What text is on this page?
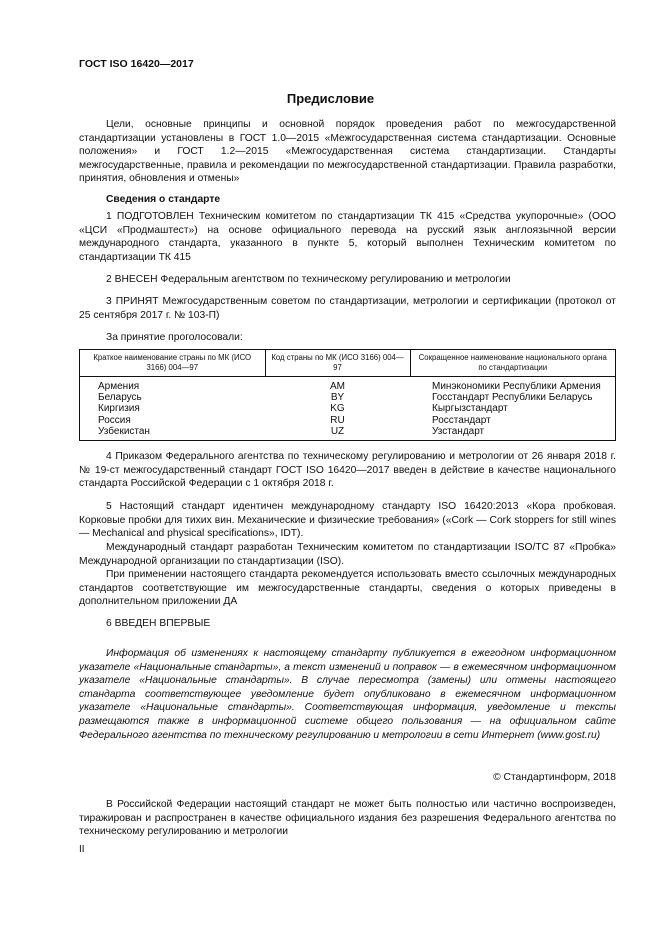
ГОСТ ISO 16420—2017
Предисловие

Цели, основные принципы и основной порядок проведения работ по межгосударственной стандартизации установлены в ГОСТ 1.0—2015 «Межгосударственная система стандартизации. Основные положения» и ГОСТ 1.2—2015 «Межгосударственная система стандартизации. Стандарты межгосударственные, правила и рекомендации по межгосударственной стандартизации. Правила разработки, принятия, обновления и отмены»

Сведения о стандарте

1 ПОДГОТОВЛЕН Техническим комитетом по стандартизации ТК 415 «Средства укупорочные» (ООО «ЦСИ «Продмаштест») на основе официального перевода на русский язык англоязычной версии международного стандарта, указанного в пункте 5, который выполнен Техническим комитетом по стандартизации ТК 415

2 ВНЕСЕН Федеральным агентством по техническому регулированию и метрологии

3 ПРИНЯТ Межгосударственным советом по стандартизации, метрологии и сертификации (протокол от 25 сентября 2017 г. № 103-П)

За принятие проголосовали:

Краткое наименование страны по МК (ИСО 3166) 004—97	Код страны по МК (ИСО 3166) 004—97	Сокращенное наименование национального органа по стандартизации
Армения	AM	Минэкономики Республики Армения
Беларусь	BY	Госстандарт Республики Беларусь
Киргизия	KG	Кыргызстандарт
Россия	RU	Росстандарт
Узбекистан	UZ	Узстандарт

4 Приказом Федерального агентства по техническому регулированию и метрологии от 26 января 2018 г. № 19-ст межгосударственный стандарт ГОСТ ISO 16420—2017 введен в действие в качестве национального стандарта Российской Федерации с 1 октября 2018 г.

5 Настоящий стандарт идентичен международному стандарту ISO 16420:2013 «Кора пробковая. Корковые пробки для тихих вин. Механические и физические требования» («Cork — Cork stoppers for still wines — Mechanical and physical specifications», IDT).

Международный стандарт разработан Техническим комитетом по стандартизации ISO/TC 87 «Пробка» Международной организации по стандартизации (ISO).

При применении настоящего стандарта рекомендуется использовать вместо ссылочных международных стандартов соответствующие им межгосударственные стандарты, сведения о которых приведены в дополнительном приложении ДА

6 ВВЕДЕН ВПЕРВЫЕ

Информация об изменениях к настоящему стандарту публикуется в ежегодном информационном указателе «Национальные стандарты», а текст изменений и поправок — в ежемесячном информационном указателе «Национальные стандарты». В случае пересмотра (замены) или отмены настоящего стандарта соответствующее уведомление будет опубликовано в ежемесячном информационном указателе «Национальные стандарты». Соответствующая информация, уведомление и тексты размещаются также в информационной системе общего пользования — на официальном сайте Федерального агентства по техническому регулированию и метрологии в сети Интернет (www.gost.ru)

© Стандартинформ, 2018

В Российской Федерации настоящий стандарт не может быть полностью или частично воспроизведен, тиражирован и распространен в качестве официального издания без разрешения Федерального агентства по техническому регулированию и метрологии

II
